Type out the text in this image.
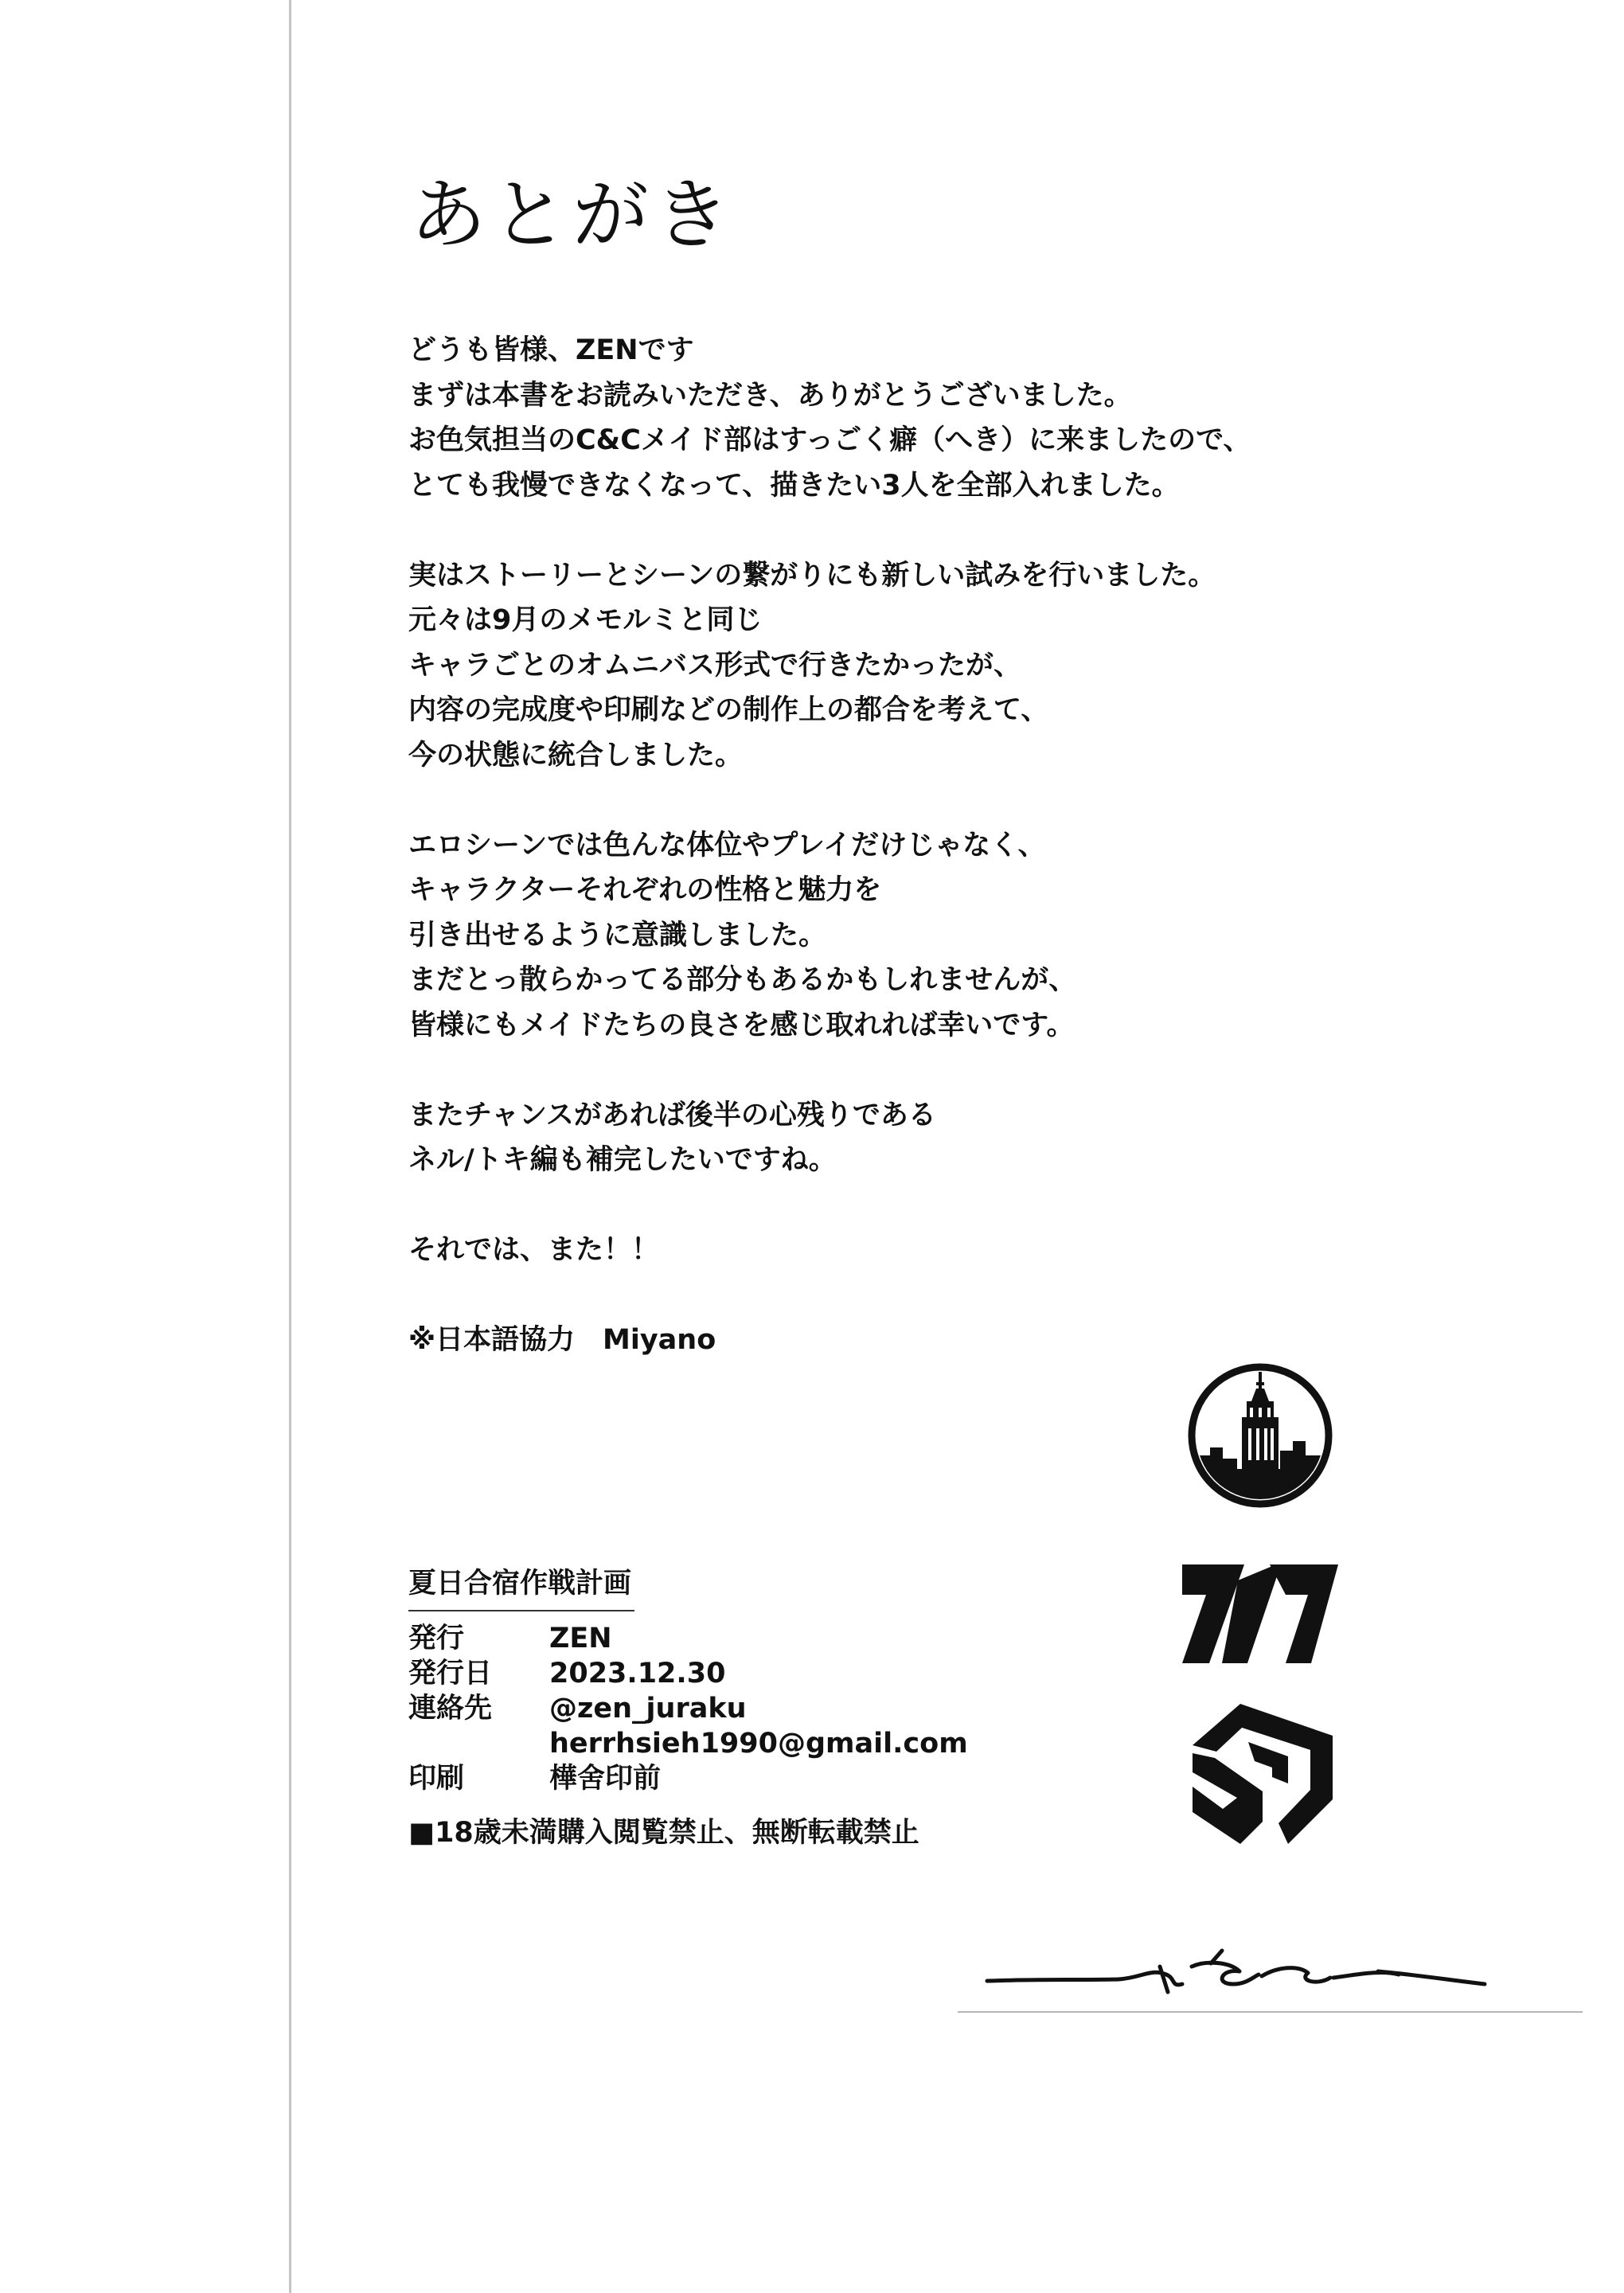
あとがき
どうも皆様、ZENです
まずは本書をお読みいただき、ありがとうございました。
お色気担当のC&Cメイド部はすっごく癖（へき）に来ましたので、
とても我慢できなくなって、描きたい3人を全部入れました。
実はストーリーとシーンの繋がりにも新しい試みを行いました。
元々は9月のメモルミと同じ
キャラごとのオムニバス形式で行きたかったが、
内容の完成度や印刷などの制作上の都合を考えて、
今の状態に統合しました。
エロシーンでは色んな体位やプレイだけじゃなく、
キャラクターそれぞれの性格と魅力を
引き出せるように意識しました。
まだとっ散らかってる部分もあるかもしれませんが、
皆様にもメイドたちの良さを感じ取れれば幸いです。
またチャンスがあれば後半の心残りである
ネル/トキ編も補完したいですね。
それでは、また！！
※日本語協力　Miyano
夏日合宿作戦計画
発行	ZEN
発行日	2023.12.30
連絡先	@zen_juraku
herrhsieh1990@gmail.com
印刷	樺舍印前
■18歳未満購入閲覧禁止、無断転載禁止
